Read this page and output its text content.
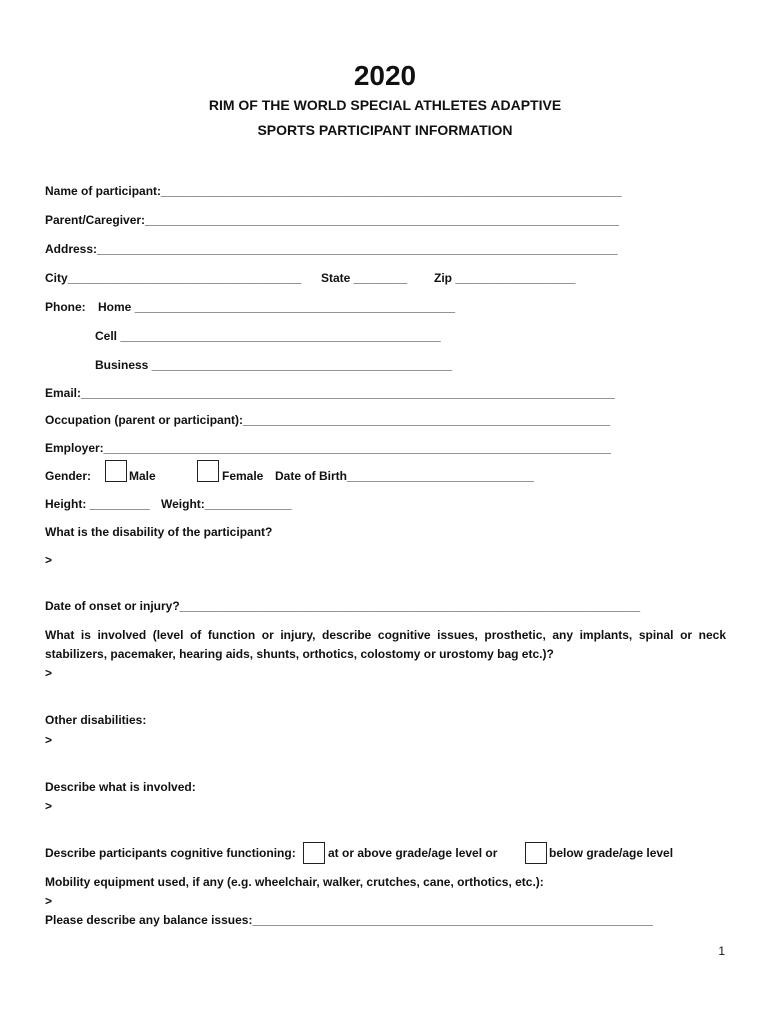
2020
RIM OF THE WORLD SPECIAL ATHLETES ADAPTIVE
SPORTS PARTICIPANT INFORMATION
Name of participant:_____________________________________________________________________
Parent/Caregiver:_______________________________________________________________________
Address:______________________________________________________________________________
City___________________________________ State ________ Zip __________________
Phone: Home ________________________________________________
Cell ________________________________________________
Business _____________________________________________
Email:________________________________________________________________________________
Occupation (parent or participant):_______________________________________________________
Employer:____________________________________________________________________________
Gender:	Male	Female Date of Birth____________________________
Height: _________ Weight:_____________
What is the disability of the participant?
>
Date of onset or injury?_____________________________________________________________________
What is involved (level of function or injury, describe cognitive issues, prosthetic, any implants, spinal or neck stabilizers, pacemaker, hearing aids, shunts, orthotics, colostomy or urostomy bag etc.)?
>
Other disabilities:
>
Describe what is involved:
>
Describe participants cognitive functioning:	at or above grade/age level or	below grade/age level
Mobility equipment used, if any (e.g. wheelchair, walker, crutches, cane, orthotics, etc.):
>
Please describe any balance issues:____________________________________________________________
1
